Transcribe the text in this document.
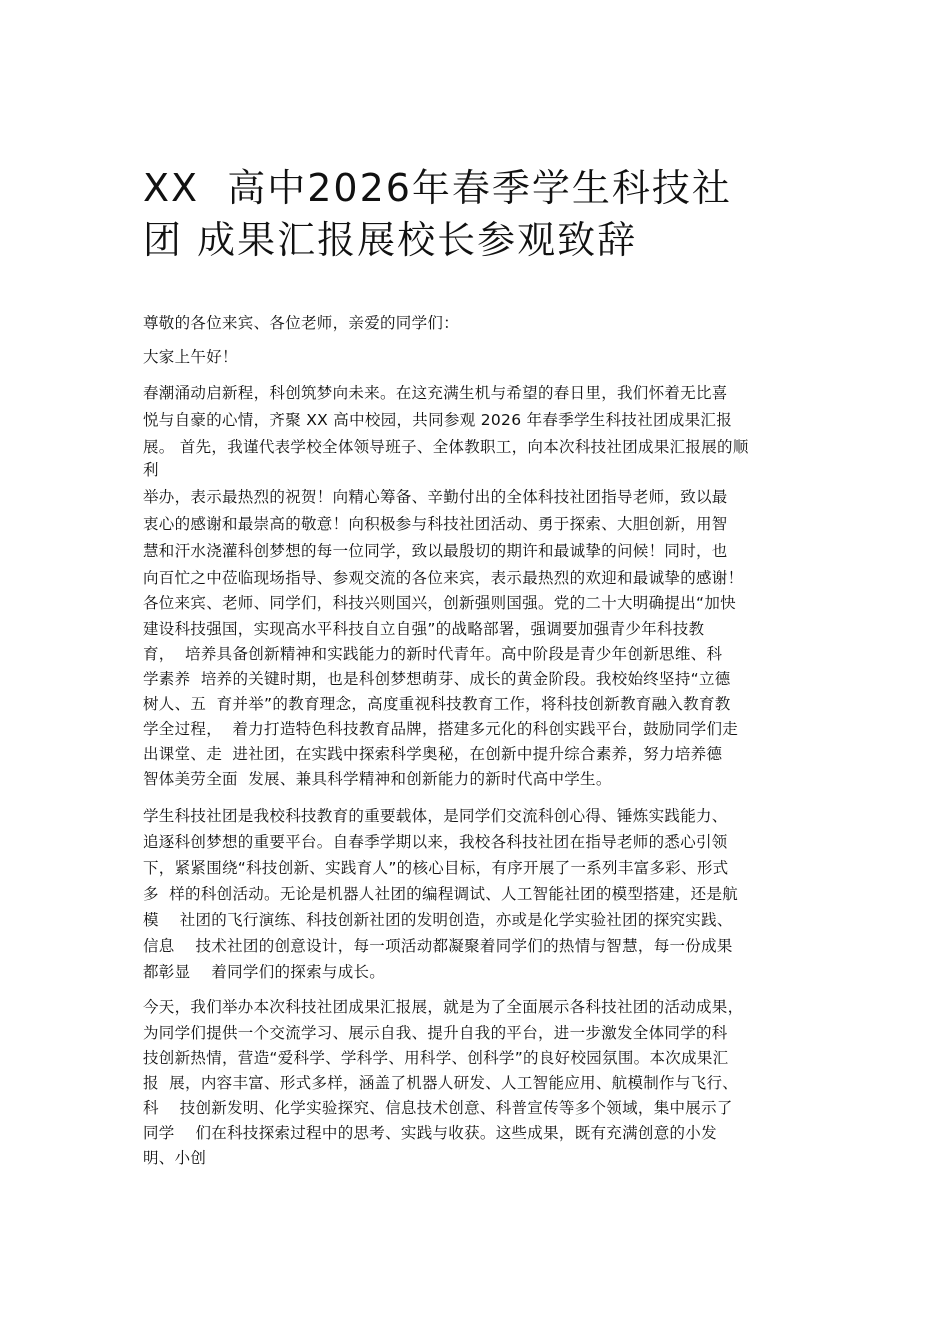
XX  高中2026年春季学生科技社
团 成果汇报展校长参观致辞
尊敬的各位来宾、各位老师，亲爱的同学们：
大家上午好！
春潮涌动启新程，科创筑梦向未来。在这充满生机与希望的春日里，我们怀着无比喜
悦与自豪的心情，齐聚 XX 高中校园，共同参观 2026 年春季学生科技社团成果汇报
展。 首先，我谨代表学校全体领导班子、全体教职工，向本次科技社团成果汇报展的顺
利
举办，表示最热烈的祝贺！向精心筹备、辛勤付出的全体科技社团指导老师，致以最
衷心的感谢和最崇高的敬意！向积极参与科技社团活动、勇于探索、大胆创新，用智
慧和汗水浇灌科创梦想的每一位同学，致以最殷切的期许和最诚挚的问候！同时，也
向百忙之中莅临现场指导、参观交流的各位来宾，表示最热烈的欢迎和最诚挚的感谢！
各位来宾、老师、同学们，科技兴则国兴，创新强则国强。党的二十大明确提出“加快
建设科技强国，实现高水平科技自立自强”的战略部署，强调要加强青少年科技教
育，  培养具备创新精神和实践能力的新时代青年。高中阶段是青少年创新思维、科
学素养  培养的关键时期，也是科创梦想萌芽、成长的黄金阶段。我校始终坚持“立德
树人、五  育并举”的教育理念，高度重视科技教育工作，将科技创新教育融入教育教
学全过程，  着力打造特色科技教育品牌，搭建多元化的科创实践平台，鼓励同学们走
出课堂、走  进社团，在实践中探索科学奥秘，在创新中提升综合素养，努力培养德
智体美劳全面  发展、兼具科学精神和创新能力的新时代高中学生。
学生科技社团是我校科技教育的重要载体，是同学们交流科创心得、锤炼实践能力、
追逐科创梦想的重要平台。自春季学期以来，我校各科技社团在指导老师的悉心引领
下，紧紧围绕“科技创新、实践育人”的核心目标，有序开展了一系列丰富多彩、形式
多  样的科创活动。无论是机器人社团的编程调试、人工智能社团的模型搭建，还是航
模    社团的飞行演练、科技创新社团的发明创造，亦或是化学实验社团的探究实践、
信息    技术社团的创意设计，每一项活动都凝聚着同学们的热情与智慧，每一份成果
都彰显    着同学们的探索与成长。
今天，我们举办本次科技社团成果汇报展，就是为了全面展示各科技社团的活动成果，
为同学们提供一个交流学习、展示自我、提升自我的平台，进一步激发全体同学的科
技创新热情，营造“爱科学、学科学、用科学、创科学”的良好校园氛围。本次成果汇
报  展，内容丰富、形式多样，涵盖了机器人研发、人工智能应用、航模制作与飞行、
科    技创新发明、化学实验探究、信息技术创意、科普宣传等多个领域，集中展示了
同学    们在科技探索过程中的思考、实践与收获。这些成果，既有充满创意的小发
明、小创
